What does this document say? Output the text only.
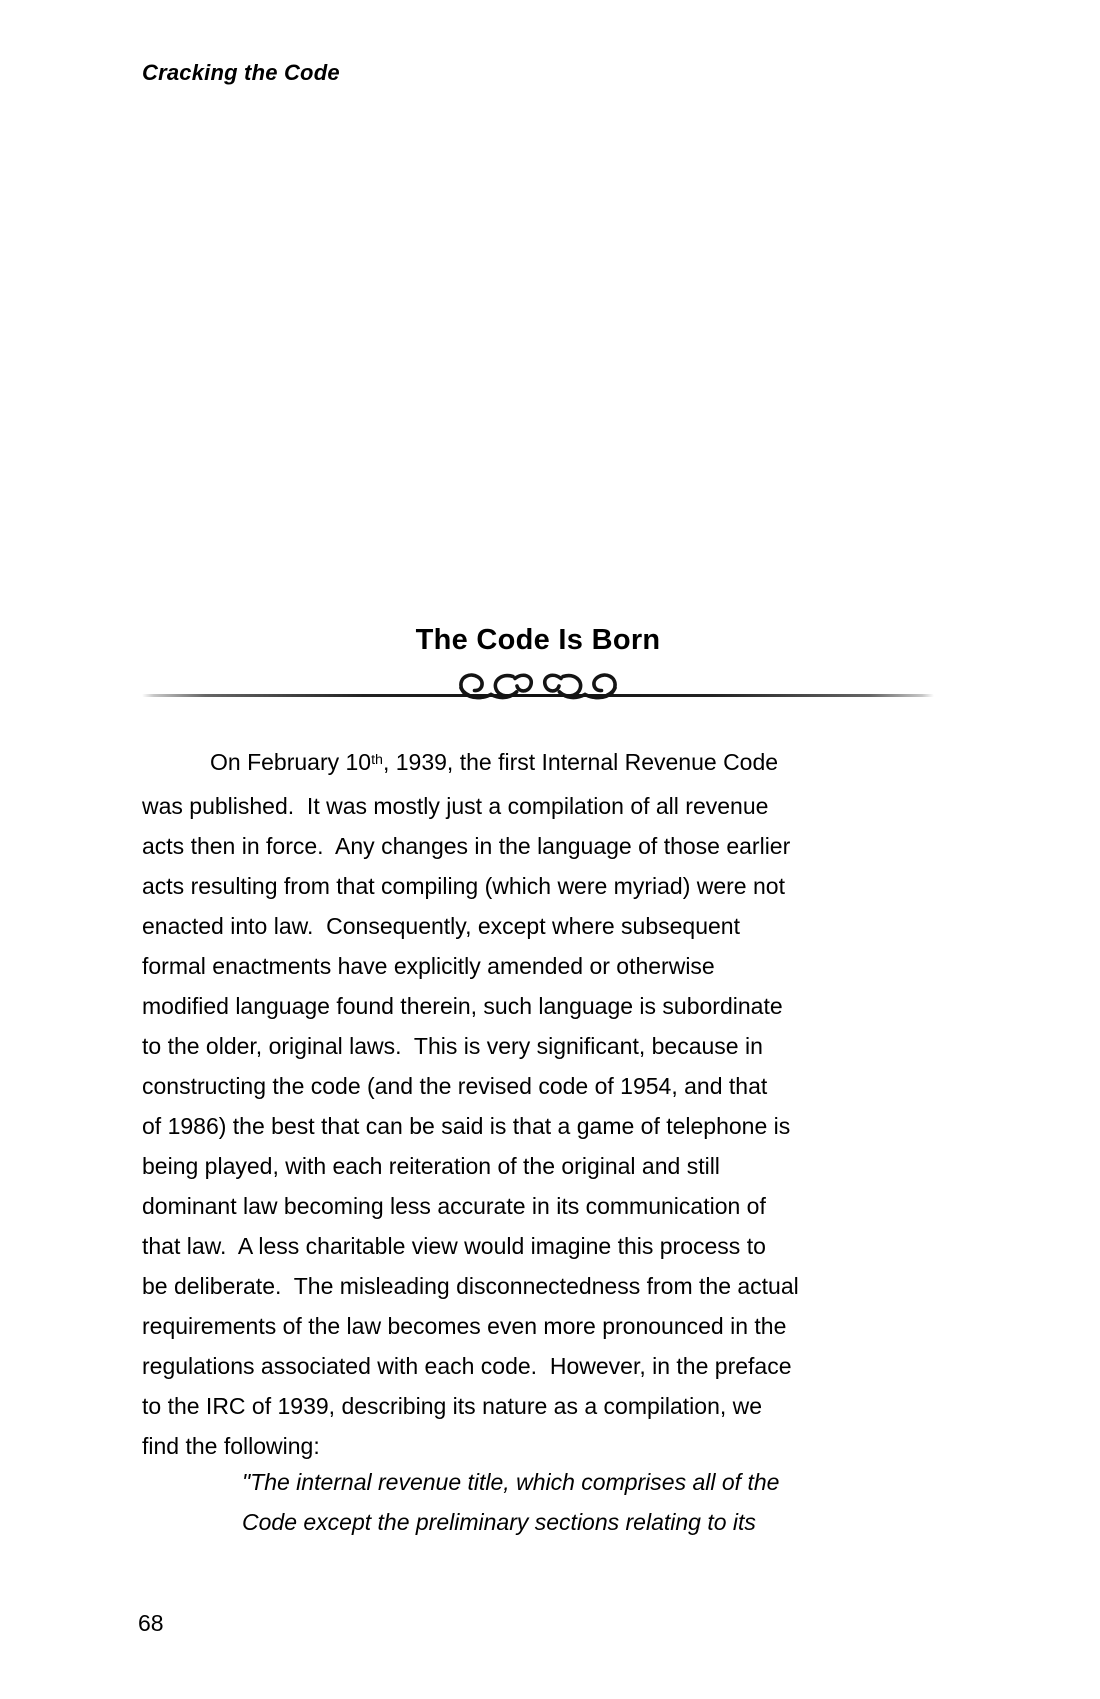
Cracking the Code
The Code Is Born
On February 10th, 1939, the first Internal Revenue Code
was published.  It was mostly just a compilation of all revenue
acts then in force.  Any changes in the language of those earlier
acts resulting from that compiling (which were myriad) were not
enacted into law.  Consequently, except where subsequent
formal enactments have explicitly amended or otherwise
modified language found therein, such language is subordinate
to the older, original laws.  This is very significant, because in
constructing the code (and the revised code of 1954, and that
of 1986) the best that can be said is that a game of telephone is
being played, with each reiteration of the original and still
dominant law becoming less accurate in its communication of
that law.  A less charitable view would imagine this process to
be deliberate.  The misleading disconnectedness from the actual
requirements of the law becomes even more pronounced in the
regulations associated with each code.  However, in the preface
to the IRC of 1939, describing its nature as a compilation, we
find the following:
"The internal revenue title, which comprises all of the
Code except the preliminary sections relating to its
68
